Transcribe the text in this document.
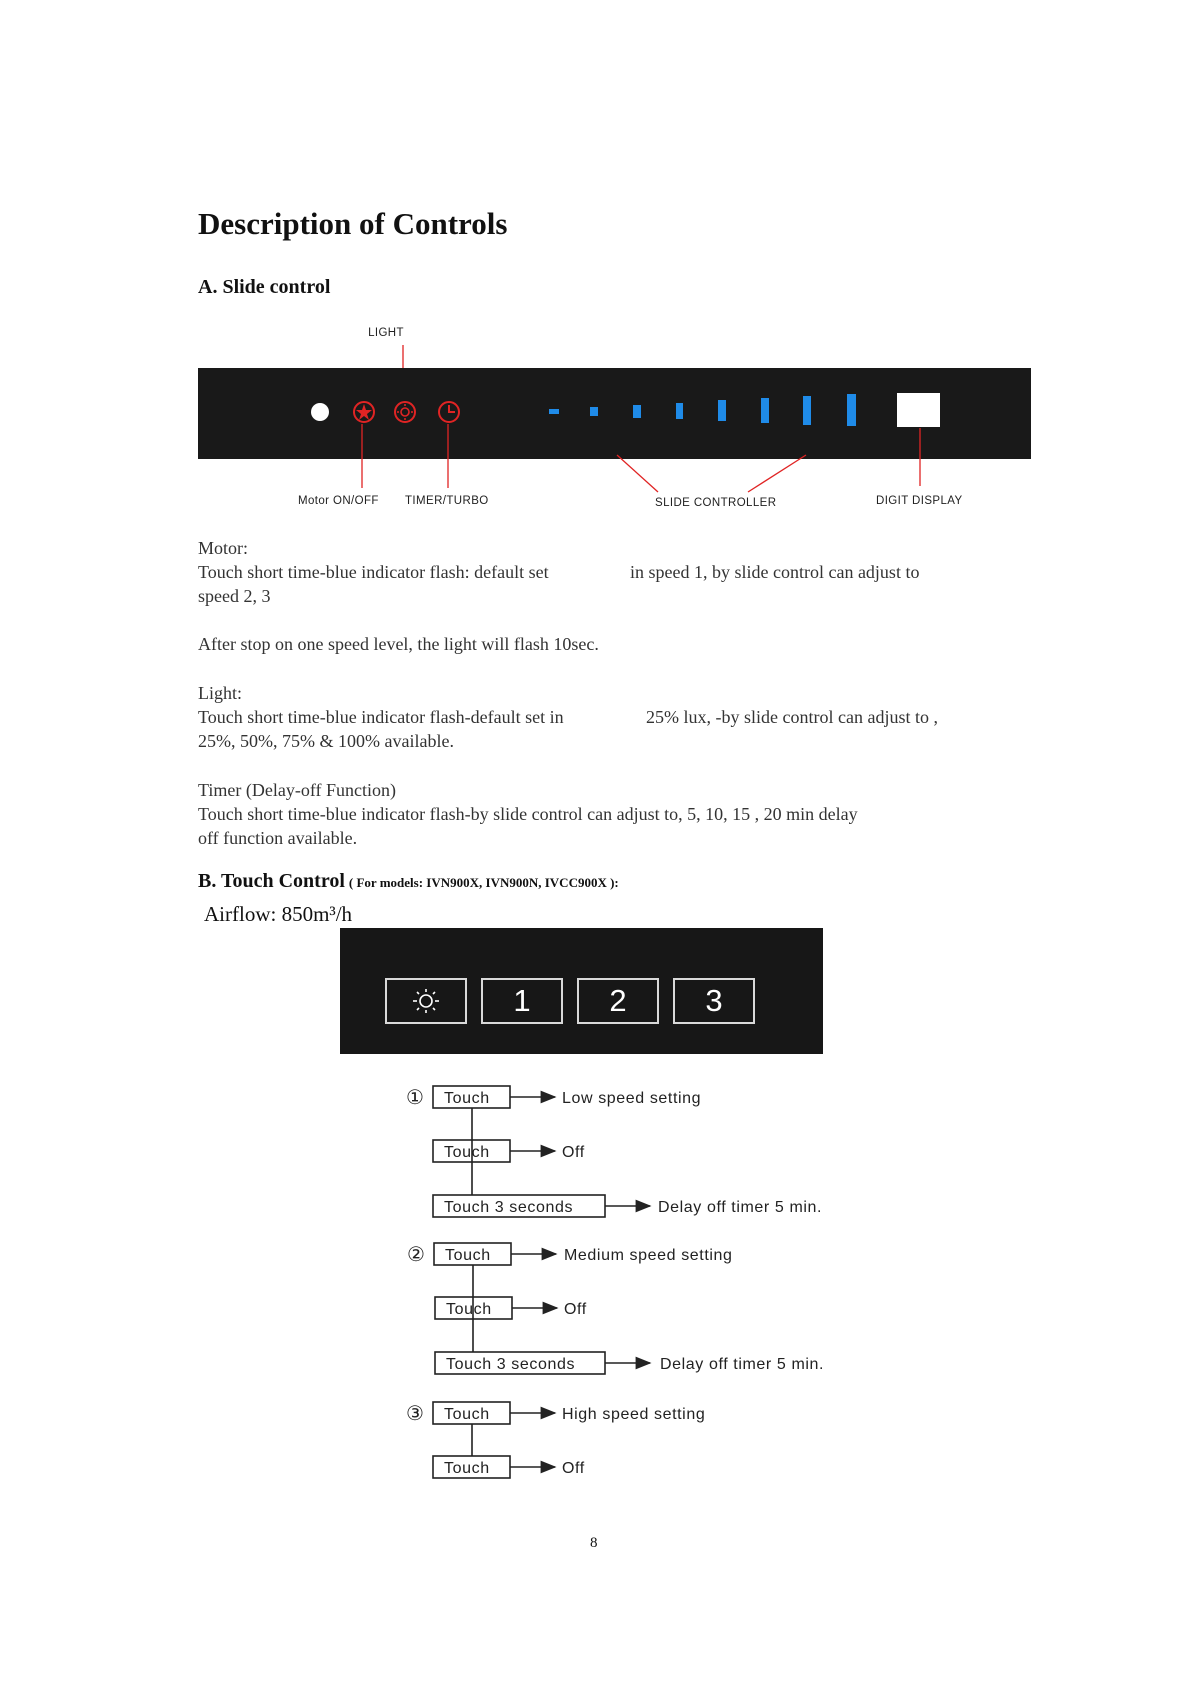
Description of Controls
A. Slide control
LIGHT
Motor ON/OFF TIMER/TURBO	SLIDE CONTROLLER	DIGIT DISPLAY
Motor:
Touch short time-blue indicator flash: default set	in speed 1, by slide control can adjust to
speed 2, 3
After stop on one speed level, the light will flash 10sec.
Light:
Touch short time-blue indicator flash-default set in	25% lux, -by slide control can adjust to ,
25%, 50%, 75% & 100% available.
Timer (Delay-off Function)
Touch short time-blue indicator flash-by slide control can adjust to, 5, 10, 15 , 20 min delay
off function available.
B. Touch Control ( For models: IVN900X, IVN900N, IVCC900X ):
Airflow: 850m³/h
1	2	3
① Touch	Low speed setting
Touch	Off
Touch 3 seconds	Delay off timer 5 min.
② Touch	Medium speed setting
Touch	Off
Touch 3 seconds	Delay off timer 5 min.
③ Touch	High speed setting
Touch	Off
8
